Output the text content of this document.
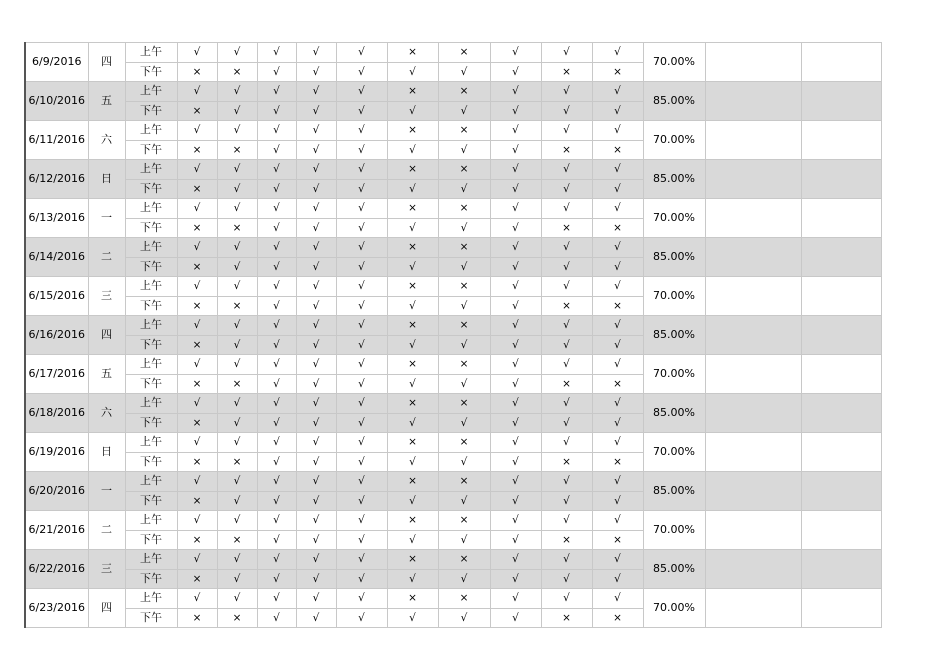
6/9/2016	四	上午	√	√	√	√	√	×	×	√	√	√	70.00%		
		下午	×	×	√	√	√	√	√	√	×	×			
6/10/2016	五	上午	√	√	√	√	√	×	×	√	√	√	85.00%		
		下午	×	√	√	√	√	√	√	√	√	√			
6/11/2016	六	上午	√	√	√	√	√	×	×	√	√	√	70.00%		
		下午	×	×	√	√	√	√	√	√	×	×			
6/12/2016	日	上午	√	√	√	√	√	×	×	√	√	√	85.00%		
		下午	×	√	√	√	√	√	√	√	√	√			
6/13/2016	一	上午	√	√	√	√	√	×	×	√	√	√	70.00%		
		下午	×	×	√	√	√	√	√	√	×	×			
6/14/2016	二	上午	√	√	√	√	√	×	×	√	√	√	85.00%		
		下午	×	√	√	√	√	√	√	√	√	√			
6/15/2016	三	上午	√	√	√	√	√	×	×	√	√	√	70.00%		
		下午	×	×	√	√	√	√	√	√	×	×			
6/16/2016	四	上午	√	√	√	√	√	×	×	√	√	√	85.00%		
		下午	×	√	√	√	√	√	√	√	√	√			
6/17/2016	五	上午	√	√	√	√	√	×	×	√	√	√	70.00%		
		下午	×	×	√	√	√	√	√	√	×	×			
6/18/2016	六	上午	√	√	√	√	√	×	×	√	√	√	85.00%		
		下午	×	√	√	√	√	√	√	√	√	√			
6/19/2016	日	上午	√	√	√	√	√	×	×	√	√	√	70.00%		
		下午	×	×	√	√	√	√	√	√	×	×			
6/20/2016	一	上午	√	√	√	√	√	×	×	√	√	√	85.00%		
		下午	×	√	√	√	√	√	√	√	√	√			
6/21/2016	二	上午	√	√	√	√	√	×	×	√	√	√	70.00%		
		下午	×	×	√	√	√	√	√	√	×	×			
6/22/2016	三	上午	√	√	√	√	√	×	×	√	√	√	85.00%		
		下午	×	√	√	√	√	√	√	√	√	√			
6/23/2016	四	上午	√	√	√	√	√	×	×	√	√	√	70.00%		
		下午	×	×	√	√	√	√	√	√	×	×			
